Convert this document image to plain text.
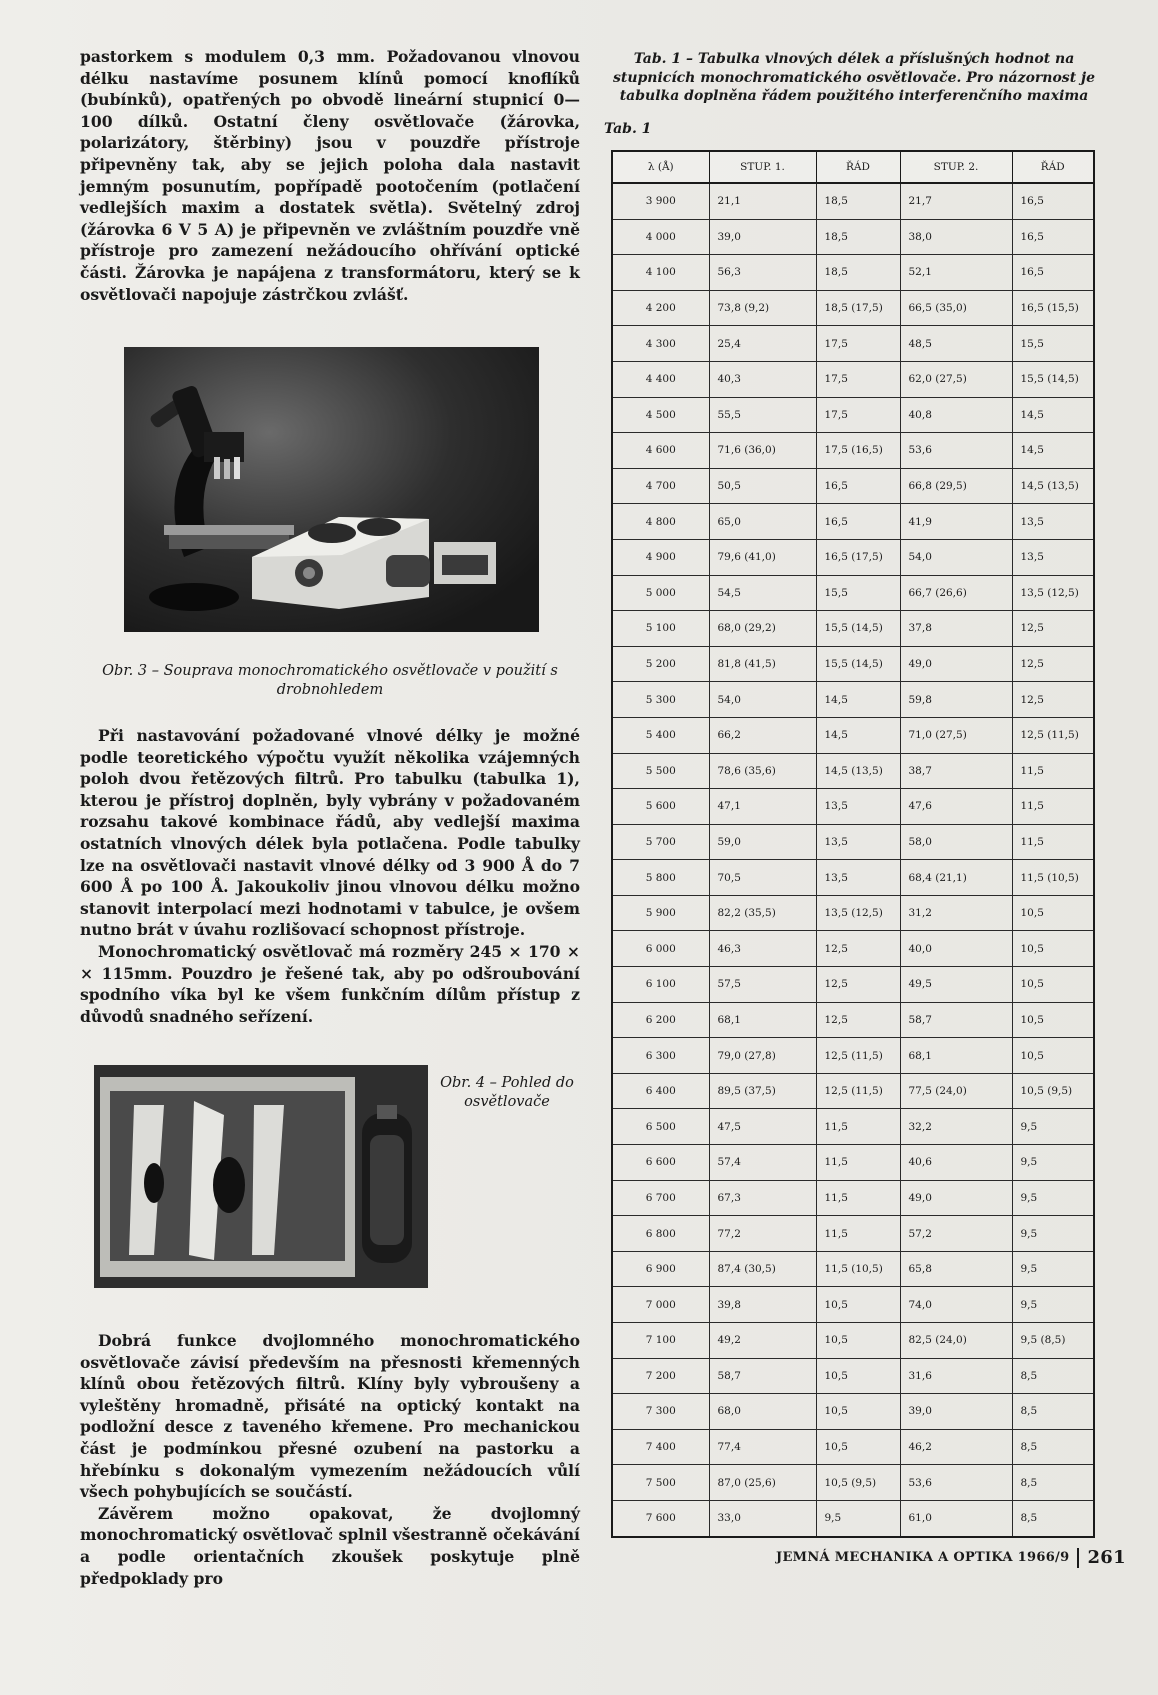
pastorkem s modulem 0,3 mm. Požadovanou vlnovou délku nastavíme posunem klínů pomocí knoflíků (bubínků), opatřených po obvodě lineární stupnicí 0—100 dílků. Ostatní členy osvětlovače (žárovka, polarizátory, štěrbiny) jsou v pouzdře přístroje připevněny tak, aby se jejich poloha dala nastavit jemným posunutím, popřípadě pootočením (potlačení vedlejších maxim a dostatek světla). Světelný zdroj (žárovka 6 V 5 A) je připevněn ve zvláštním pouzdře vně přístroje pro zamezení nežádoucího ohřívání optické části. Žárovka je napájena z transformátoru, který se k osvětlovači napojuje zástrčkou zvlášť.

Obr. 3 – Souprava monochromatického osvětlovače v použití s drobnohledem

Při nastavování požadované vlnové délky je možné podle teoretického výpočtu využít několika vzájemných poloh dvou řetězových filtrů. Pro tabulku (tabulka 1), kterou je přístroj doplněn, byly vybrány v požadovaném rozsahu takové kombinace řádů, aby vedlejší maxima ostatních vlnových délek byla potlačena. Podle tabulky lze na osvětlovači nastavit vlnové délky od 3 900 Å do 7 600 Å po 100 Å. Jakoukoliv jinou vlnovou délku možno stanovit interpolací mezi hodnotami v tabulce, je ovšem nutno brát v úvahu rozlišovací schopnost přístroje.

Monochromatický osvětlovač má rozměry 245 × 170 × × 115mm. Pouzdro je řešené tak, aby po odšroubování spodního víka byl ke všem funkčním dílům přístup z důvodů snadného seřízení.

Obr. 4 – Pohled do osvětlovače

Dobrá funkce dvojlomného monochromatického osvětlovače závisí především na přesnosti křemenných klínů obou řetězových filtrů. Klíny byly vybroušeny a vyleštěny hromadně, přisáté na optický kontakt na podložní desce z taveného křemene. Pro mechanickou část je podmínkou přesné ozubení na pastorku a hřebínku s dokonalým vymezením nežádoucích vůlí všech pohybujících se součástí.

Závěrem možno opakovat, že dvojlomný monochromatický osvětlovač splnil všestranně očekávání a podle orientačních zkoušek poskytuje plně předpoklady pro

Tab. 1 – Tabulka vlnových délek a příslušných hodnot na stupnicích monochromatického osvětlovače. Pro názornost je tabulka doplněna řádem použitého interferenčního maxima
Tab. 1
λ (Å)	STUP. 1.	ŘÁD	STUP. 2.	ŘÁD
3 900	21,1	18,5	21,7	16,5
4 000	39,0	18,5	38,0	16,5
4 100	56,3	18,5	52,1	16,5
4 200	73,8 (9,2)	18,5 (17,5)	66,5 (35,0)	16,5 (15,5)
4 300	25,4	17,5	48,5	15,5
4 400	40,3	17,5	62,0 (27,5)	15,5 (14,5)
4 500	55,5	17,5	40,8	14,5
4 600	71,6 (36,0)	17,5 (16,5)	53,6	14,5
4 700	50,5	16,5	66,8 (29,5)	14,5 (13,5)
4 800	65,0	16,5	41,9	13,5
4 900	79,6 (41,0)	16,5 (17,5)	54,0	13,5
5 000	54,5	15,5	66,7 (26,6)	13,5 (12,5)
5 100	68,0 (29,2)	15,5 (14,5)	37,8	12,5
5 200	81,8 (41,5)	15,5 (14,5)	49,0	12,5
5 300	54,0	14,5	59,8	12,5
5 400	66,2	14,5	71,0 (27,5)	12,5 (11,5)
5 500	78,6 (35,6)	14,5 (13,5)	38,7	11,5
5 600	47,1	13,5	47,6	11,5
5 700	59,0	13,5	58,0	11,5
5 800	70,5	13,5	68,4 (21,1)	11,5 (10,5)
5 900	82,2 (35,5)	13,5 (12,5)	31,2	10,5
6 000	46,3	12,5	40,0	10,5
6 100	57,5	12,5	49,5	10,5
6 200	68,1	12,5	58,7	10,5
6 300	79,0 (27,8)	12,5 (11,5)	68,1	10,5
6 400	89,5 (37,5)	12,5 (11,5)	77,5 (24,0)	10,5 (9,5)
6 500	47,5	11,5	32,2	9,5
6 600	57,4	11,5	40,6	9,5
6 700	67,3	11,5	49,0	9,5
6 800	77,2	11,5	57,2	9,5
6 900	87,4 (30,5)	11,5 (10,5)	65,8	9,5
7 000	39,8	10,5	74,0	9,5
7 100	49,2	10,5	82,5 (24,0)	9,5 (8,5)
7 200	58,7	10,5	31,6	8,5
7 300	68,0	10,5	39,0	8,5
7 400	77,4	10,5	46,2	8,5
7 500	87,0 (25,6)	10,5 (9,5)	53,6	8,5
7 600	33,0	9,5	61,0	8,5
JEMNÁ MECHANIKA A OPTIKA 1966/9 261
